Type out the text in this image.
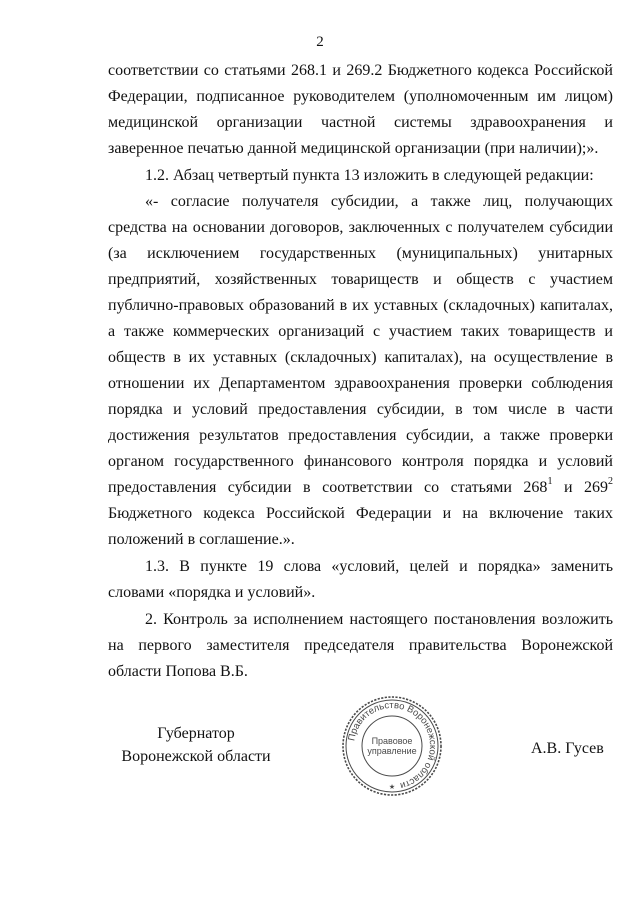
2

соответствии со статьями 268.1 и 269.2 Бюджетного кодекса Российской Федерации, подписанное руководителем (уполномоченным им лицом) медицинской организации частной системы здравоохранения и заверенное печатью данной медицинской организации (при наличии);».

1.2. Абзац четвертый пункта 13 изложить в следующей редакции:

«- согласие получателя субсидии, а также лиц, получающих средства на основании договоров, заключенных с получателем субсидии (за исключением государственных (муниципальных) унитарных предприятий, хозяйственных товариществ и обществ с участием публично-правовых образований в их уставных (складочных) капиталах, а также коммерческих организаций с участием таких товариществ и обществ в их уставных (складочных) капиталах), на осуществление в отношении их Департаментом здравоохранения проверки соблюдения порядка и условий предоставления субсидии, в том числе в части достижения результатов предоставления субсидии, а также проверки органом государственного финансового контроля порядка и условий предоставления субсидии в соответствии со статьями $268^1$ и $269^2$ Бюджетного кодекса Российской Федерации и на включение таких положений в соглашение.».

1.3. В пункте 19 слова «условий, целей и порядка» заменить словами «порядка и условий».

2. Контроль за исполнением настоящего постановления возложить на первого заместителя председателя правительства Воронежской области Попова В.Б.

Губернатор
Воронежской области
Правительство Воронежской области
Правовое
управление
★
А.В. Гусев
